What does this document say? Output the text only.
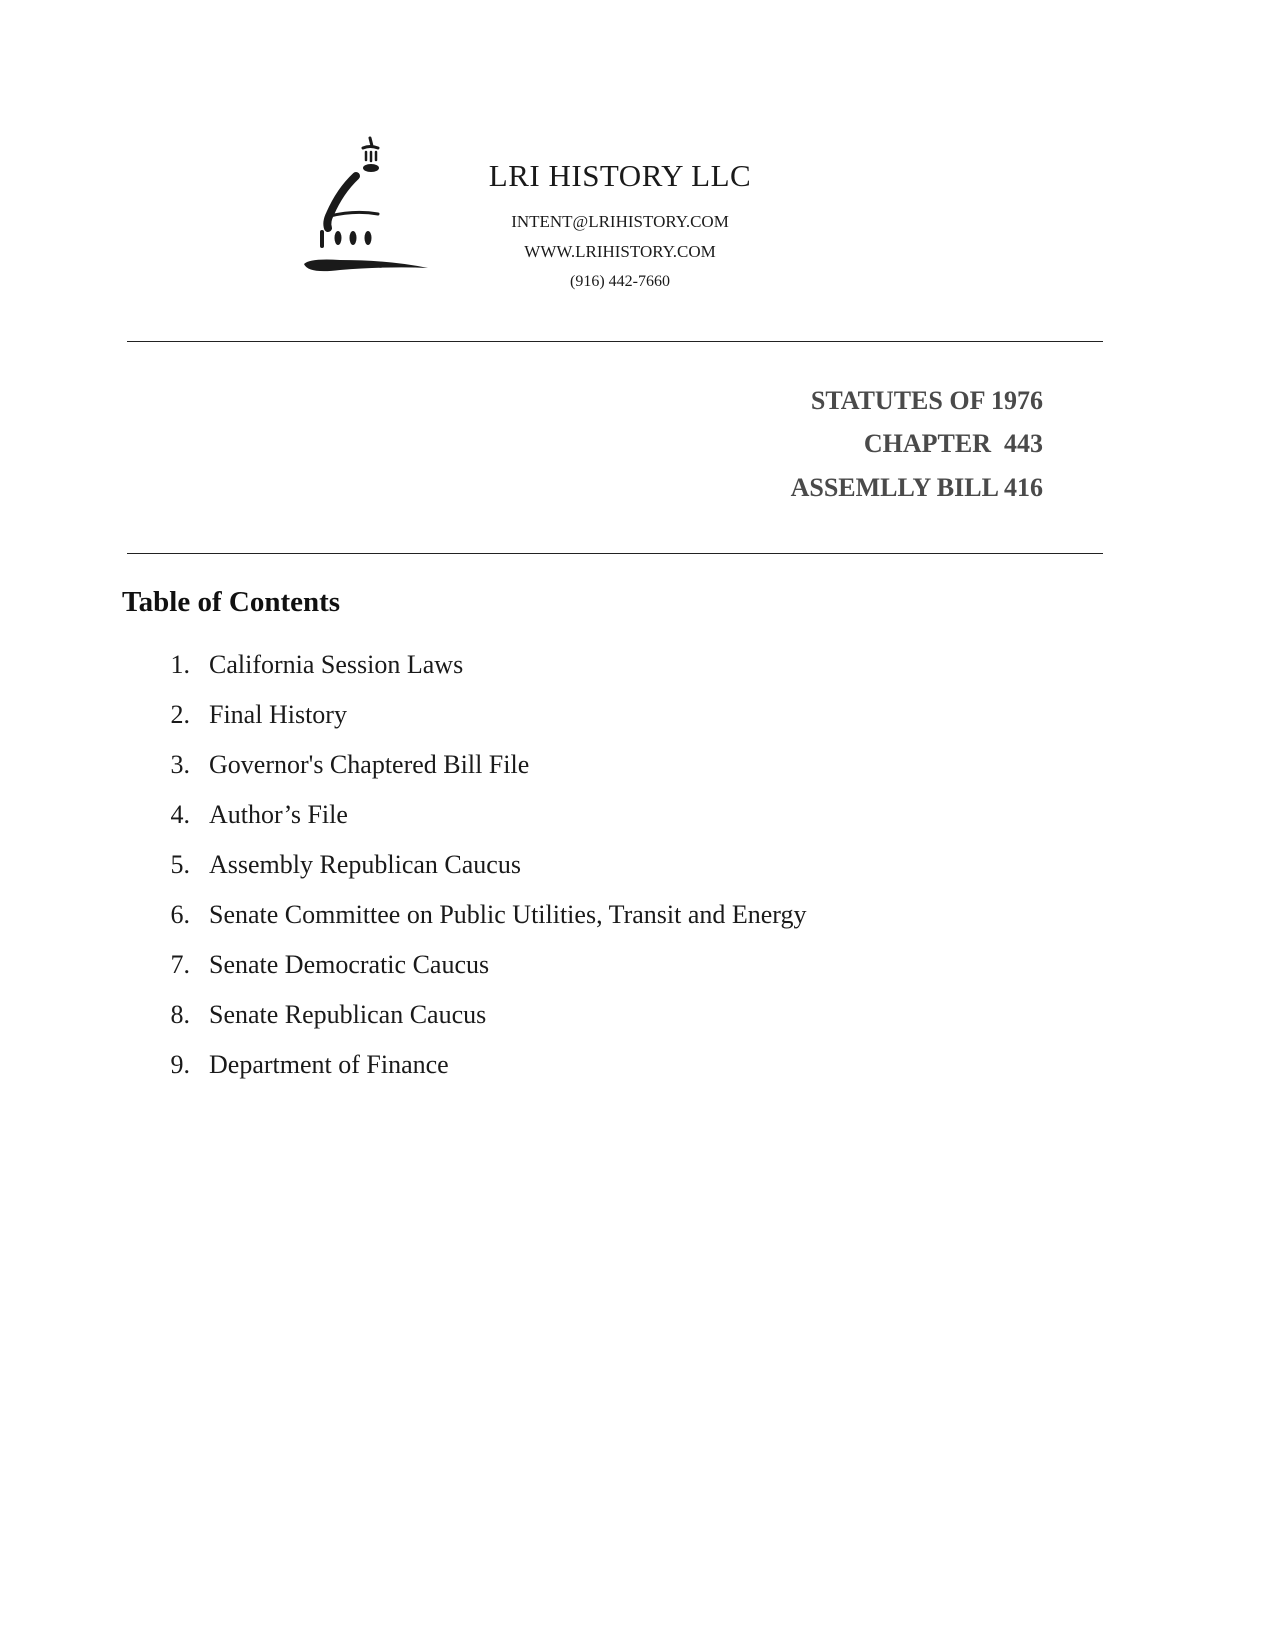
LRI HISTORY LLC
INTENT@LRIHISTORY.COM
WWW.LRIHISTORY.COM
(916) 442-7660
STATUTES OF 1976
CHAPTER  443
ASSEMLLY BILL 416
Table of Contents
1. California Session Laws
2. Final History
3. Governor's Chaptered Bill File
4. Author’s File
5. Assembly Republican Caucus
6. Senate Committee on Public Utilities, Transit and Energy
7. Senate Democratic Caucus
8. Senate Republican Caucus
9. Department of Finance
